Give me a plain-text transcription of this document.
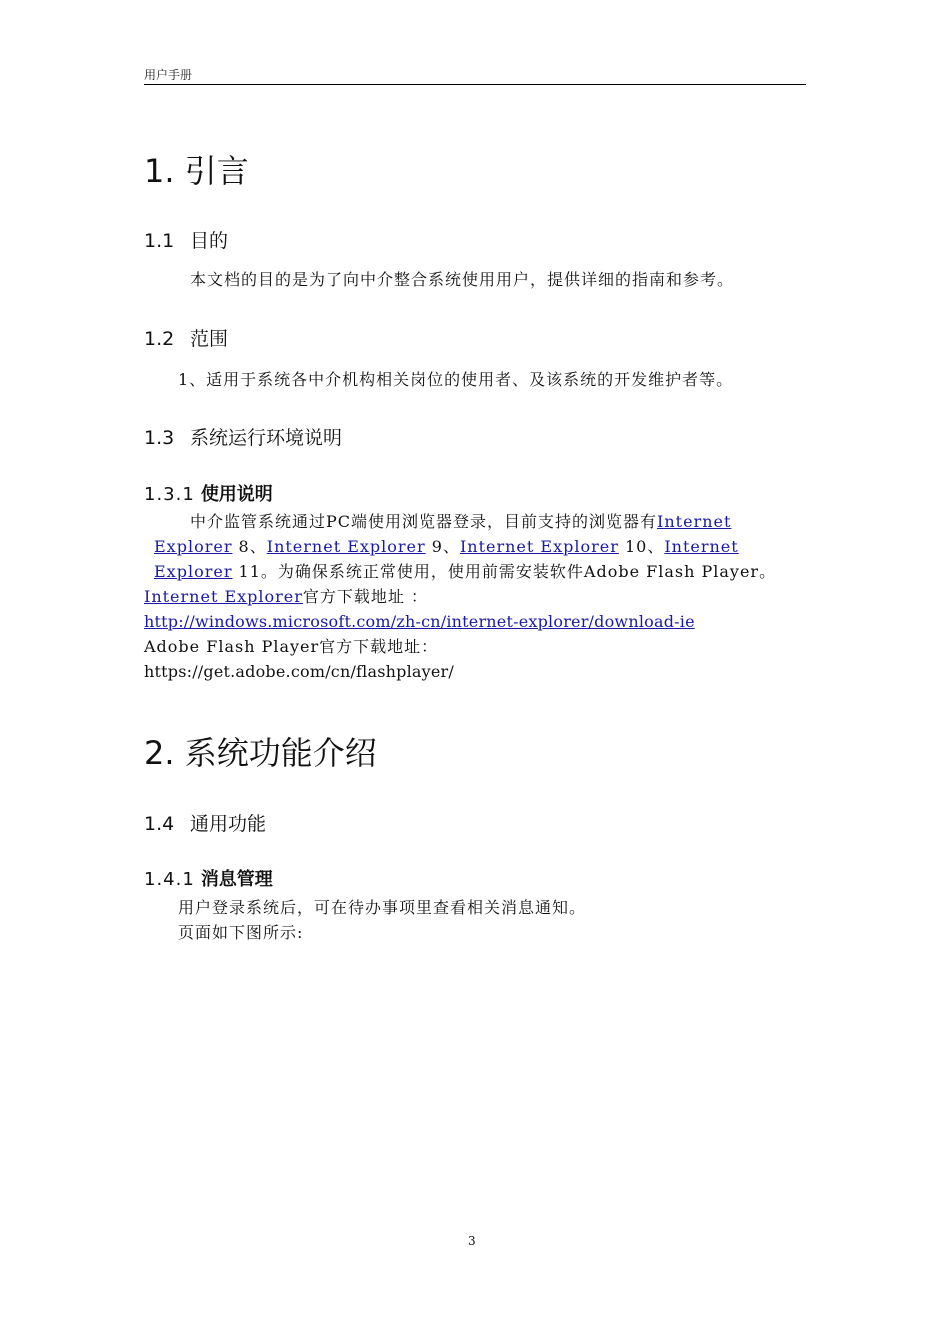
用户手册
1. 引言
1.1 目的
本文档的目的是为了向中介整合系统使用用户，提供详细的指南和参考。
1.2 范围
1、适用于系统各中介机构相关岗位的使用者、及该系统的开发维护者等。
1.3 系统运行环境说明
1.3.1 使用说明
中介监管系统通过PC端使用浏览器登录，目前支持的浏览器有Internet
Explorer 8、Internet Explorer 9、Internet Explorer 10、Internet
Explorer 11。为确保系统正常使用，使用前需安装软件Adobe Flash Player。
Internet Explorer官方下载地址 ：
http://windows.microsoft.com/zh-cn/internet-explorer/download-ie
Adobe Flash Player官方下载地址：
https://get.adobe.com/cn/flashplayer/
2. 系统功能介绍
1.4 通用功能
1.4.1 消息管理
用户登录系统后，可在待办事项里查看相关消息通知。
页面如下图所示:
3
